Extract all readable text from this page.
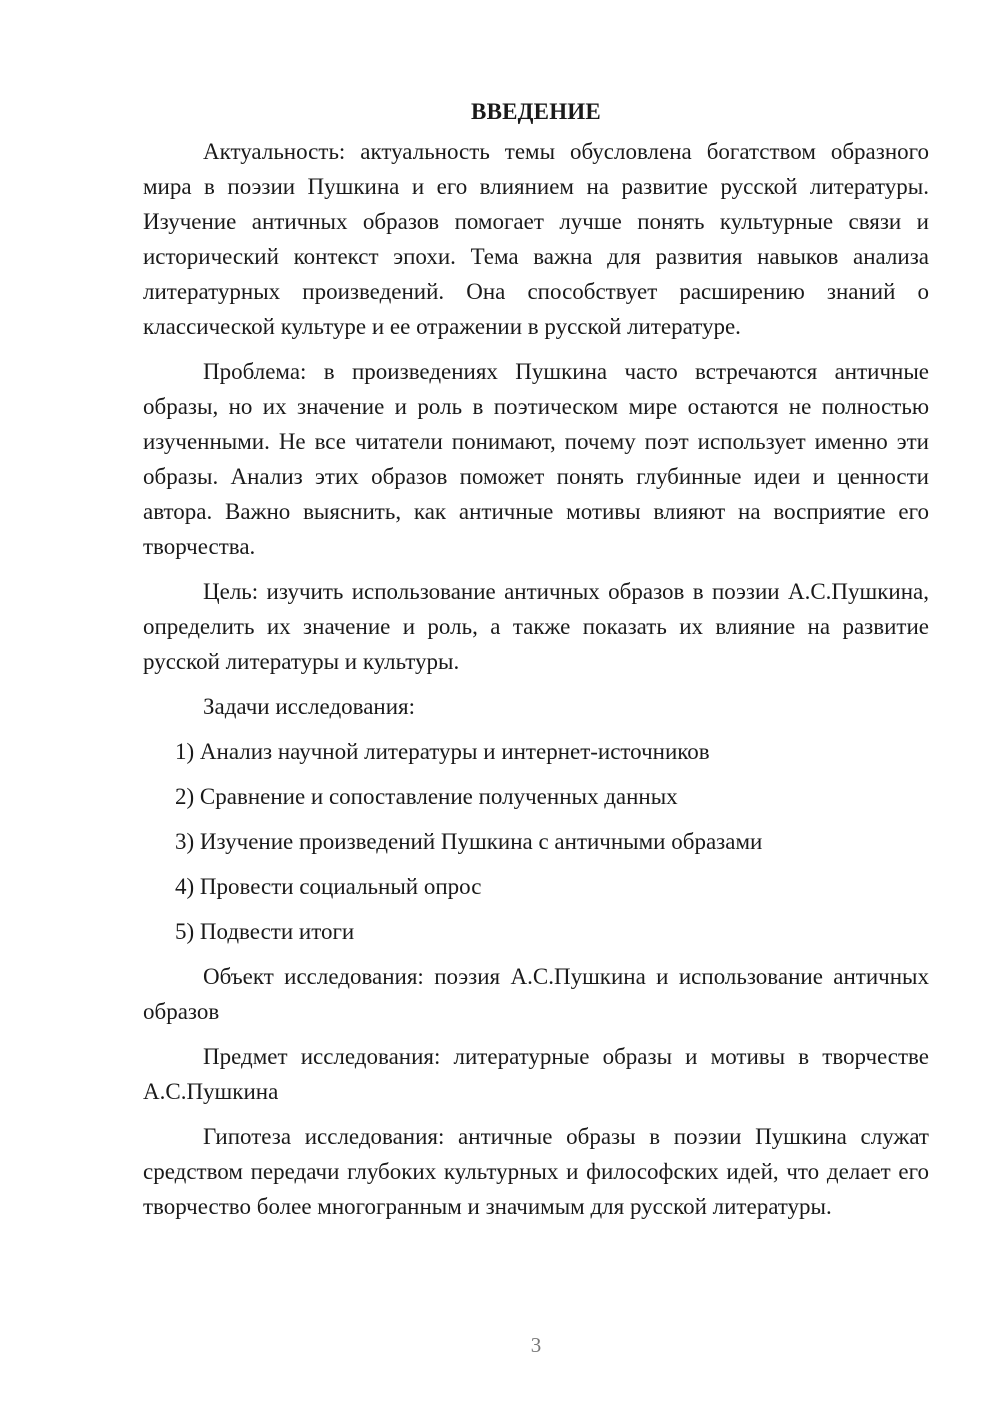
ВВЕДЕНИЕ

Актуальность: актуальность темы обусловлена богатством образного мира в поэзии Пушкина и его влиянием на развитие русской литературы. Изучение античных образов помогает лучше понять культурные связи и исторический контекст эпохи. Тема важна для развития навыков анализа литературных произведений. Она способствует расширению знаний о классической культуре и ее отражении в русской литературе.

Проблема: в произведениях Пушкина часто встречаются античные образы, но их значение и роль в поэтическом мире остаются не полностью изученными. Не все читатели понимают, почему поэт использует именно эти образы. Анализ этих образов поможет понять глубинные идеи и ценности автора. Важно выяснить, как античные мотивы влияют на восприятие его творчества.

Цель: изучить использование античных образов в поэзии А.С.Пушкина, определить их значение и роль, а также показать их влияние на развитие русской литературы и культуры.

Задачи исследования:

1) Анализ научной литературы и интернет-источников
2) Сравнение и сопоставление полученных данных
3) Изучение произведений Пушкина с античными образами
4) Провести социальный опрос
5) Подвести итоги

Объект исследования: поэзия А.С.Пушкина и использование античных образов

Предмет исследования: литературные образы и мотивы в творчестве А.С.Пушкина

Гипотеза исследования: античные образы в поэзии Пушкина служат средством передачи глубоких культурных и философских идей, что делает его творчество более многогранным и значимым для русской литературы.

3
